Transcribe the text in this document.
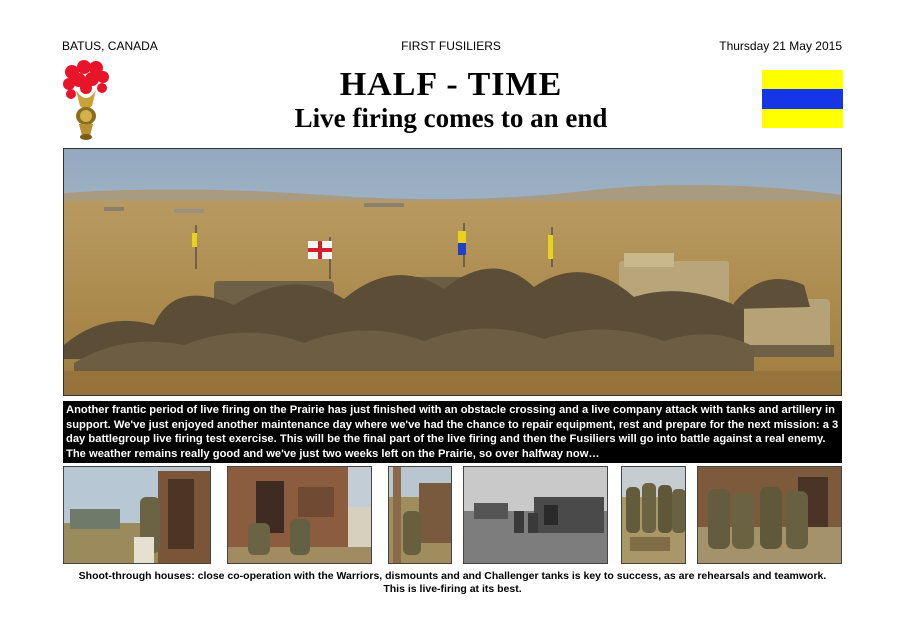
BATUS, CANADA	FIRST FUSILIERS	Thursday 21 May 2015
HALF - TIME
Live firing comes to an end
Another frantic period of live firing on the Prairie has just finished with an obstacle crossing and a live company attack with tanks and artillery in support. We've just enjoyed another maintenance day where we've had the chance to repair equipment, rest and prepare for the next mission: a 3 day battlegroup live firing test exercise. This will be the final part of the live firing and then the Fusiliers will go into battle against a real enemy. The weather remains really good and we've just two weeks left on the Prairie, so over halfway now…
Shoot-through houses: close co-operation with the Warriors, dismounts and and Challenger tanks is key to success, as are rehearsals and teamwork.
This is live-firing at its best.
